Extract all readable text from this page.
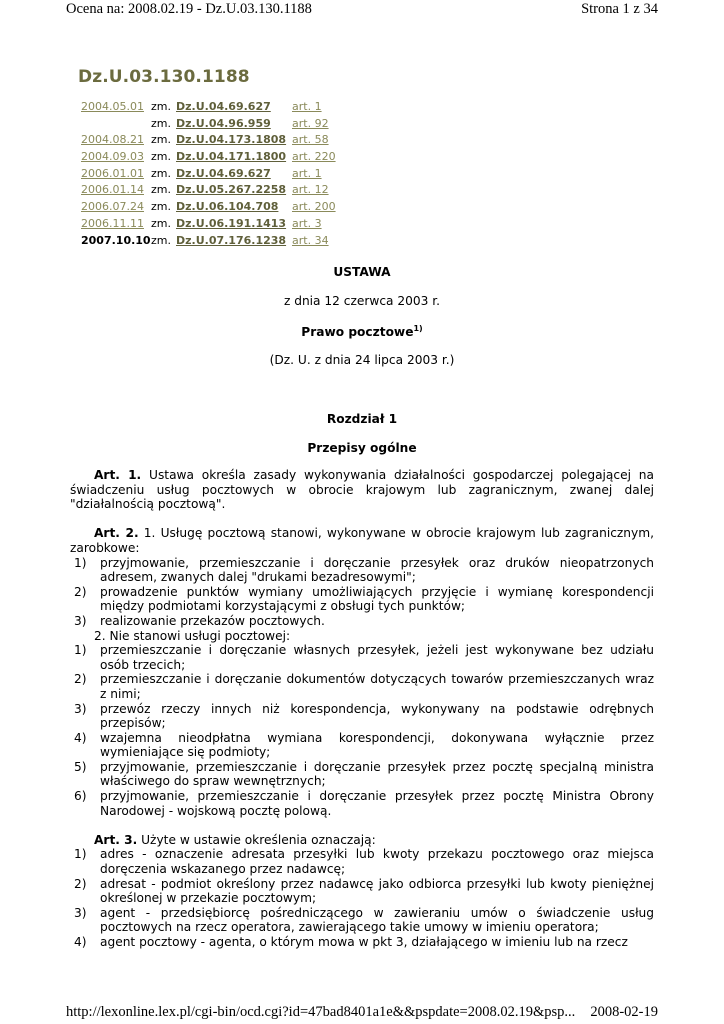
Ocena na: 2008.02.19 - Dz.U.03.130.1188	Strona 1 z 34
Dz.U.03.130.1188
2004.05.01 zm. Dz.U.04.69.627 art. 1
zm. Dz.U.04.96.959 art. 92
2004.08.21 zm. Dz.U.04.173.1808 art. 58
2004.09.03 zm. Dz.U.04.171.1800 art. 220
2006.01.01 zm. Dz.U.04.69.627 art. 1
2006.01.14 zm. Dz.U.05.267.2258 art. 12
2006.07.24 zm. Dz.U.06.104.708 art. 200
2006.11.11 zm. Dz.U.06.191.1413 art. 3
2007.10.10 zm. Dz.U.07.176.1238 art. 34
USTAWA
z dnia 12 czerwca 2003 r.
Prawo pocztowe$^{1)}$
(Dz. U. z dnia 24 lipca 2003 r.)
Rozdział 1
Przepisy ogólne

Art. 1. Ustawa określa zasady wykonywania działalności gospodarczej polegającej na świadczeniu usług pocztowych w obrocie krajowym lub zagranicznym, zwanej dalej "działalnością pocztową".

Art. 2. 1. Usługę pocztową stanowi, wykonywane w obrocie krajowym lub zagranicznym, zarobkowe:

1) przyjmowanie, przemieszczanie i doręczanie przesyłek oraz druków nieopatrzonych adresem, zwanych dalej "drukami bezadresowymi";

2) prowadzenie punktów wymiany umożliwiających przyjęcie i wymianę korespondencji między podmiotami korzystającymi z obsługi tych punktów;

3) realizowanie przekazów pocztowych.

2. Nie stanowi usługi pocztowej:

1) przemieszczanie i doręczanie własnych przesyłek, jeżeli jest wykonywane bez udziału osób trzecich;

2) przemieszczanie i doręczanie dokumentów dotyczących towarów przemieszczanych wraz z nimi;

3) przewóz rzeczy innych niż korespondencja, wykonywany na podstawie odrębnych przepisów;

4) wzajemna nieodpłatna wymiana korespondencji, dokonywana wyłącznie przez wymieniające się podmioty;

5) przyjmowanie, przemieszczanie i doręczanie przesyłek przez pocztę specjalną ministra właściwego do spraw wewnętrznych;

6) przyjmowanie, przemieszczanie i doręczanie przesyłek przez pocztę Ministra Obrony Narodowej - wojskową pocztę polową.

Art. 3. Użyte w ustawie określenia oznaczają:

1) adres - oznaczenie adresata przesyłki lub kwoty przekazu pocztowego oraz miejsca doręczenia wskazanego przez nadawcę;

2) adresat - podmiot określony przez nadawcę jako odbiorca przesyłki lub kwoty pieniężnej określonej w przekazie pocztowym;

3) agent - przedsiębiorcę pośredniczącego w zawieraniu umów o świadczenie usług pocztowych na rzecz operatora, zawierającego takie umowy w imieniu operatora;

4) agent pocztowy - agenta, o którym mowa w pkt 3, działającego w imieniu lub na rzecz

http://lexonline.lex.pl/cgi-bin/ocd.cgi?id=47bad8401a1e&&pspdate=2008.02.19&psp... 2008-02-19
